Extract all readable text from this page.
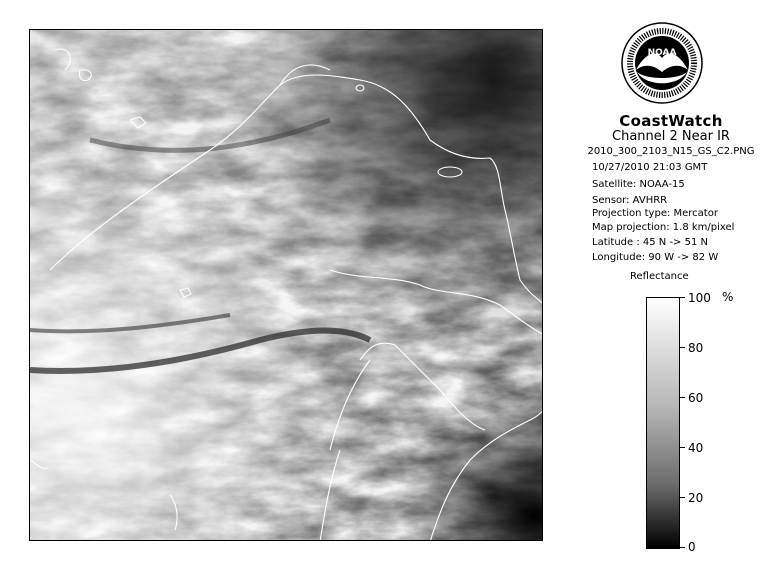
NOAA
CoastWatch
Channel 2 Near IR
2010_300_2103_N15_GS_C2.PNG
10/27/2010 21:03 GMT
Satellite: NOAA-15
Sensor: AVHRR
Projection type: Mercator
Map projection: 1.8 km/pixel
Latitude : 45 N -> 51 N
Longitude: 90 W -> 82 W
Reflectance
%
100
80
60
40
20
0
